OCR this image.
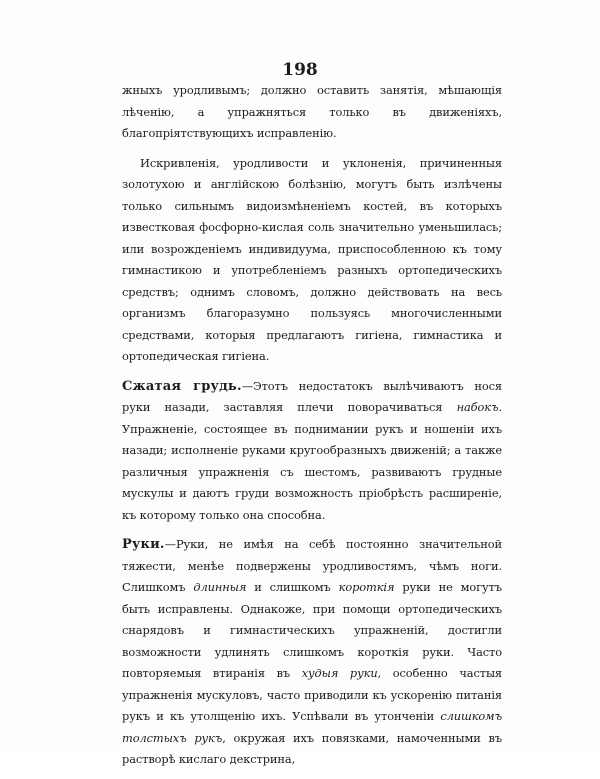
198

жныхъ уродливымъ; должно оставить занятія, мѣшающія лѣченію, а упражняться только въ движеніяхъ, благопріятствующихъ исправленію.

Искривленія, уродливости и уклоненія, причиненныя золотухою и англійскою болѣзнію, могутъ быть излѣчены только сильнымъ видоизмѣненіемъ костей, въ которыхъ известковая фосфорно-кислая соль значительно уменьшилась; или возрожденіемъ индивидуума, приспособленною къ тому гимнастикою и употребленіемъ разныхъ ортопедическихъ средствъ; однимъ словомъ, должно действовать на весь организмъ благоразумно пользуясь многочисленными средствами, которыя предлагаютъ гигіена, гимнастика и ортопедическая гигіена.

Сжатая грудь.—Этотъ недостатокъ вылѣчиваютъ нося руки назади, заставляя плечи поворачиваться набокъ. Упражненіе, состоящее въ поднимании рукъ и ношеніи ихъ назади; исполненіе руками кругообразныхъ движеній; а также различныя упражненія съ шестомъ, развиваютъ грудные мускулы и даютъ груди возможность пріобрѣсть расширеніе, къ которому только она способна.

Руки.—Руки, не имѣя на себѣ постоянно значительной тяжести, менѣе подвержены уродливостямъ, чѣмъ ноги. Слишкомъ длинныя и слишкомъ короткія руки не могутъ быть исправлены. Однакоже, при помощи ортопедическихъ снарядовъ и гимнастическихъ упражненій, достигли возможности удлинять слишкомъ короткія руки. Часто повторяемыя втиранія въ худыя руки, особенно частыя упражненія мускуловъ, часто приводили къ ускоренію питанія рукъ и къ утолщенію ихъ. Успѣвали въ утонченіи слишкомъ толстыхъ рукъ, окружая ихъ повязками, намоченными въ растворѣ кислаго декстрина,
